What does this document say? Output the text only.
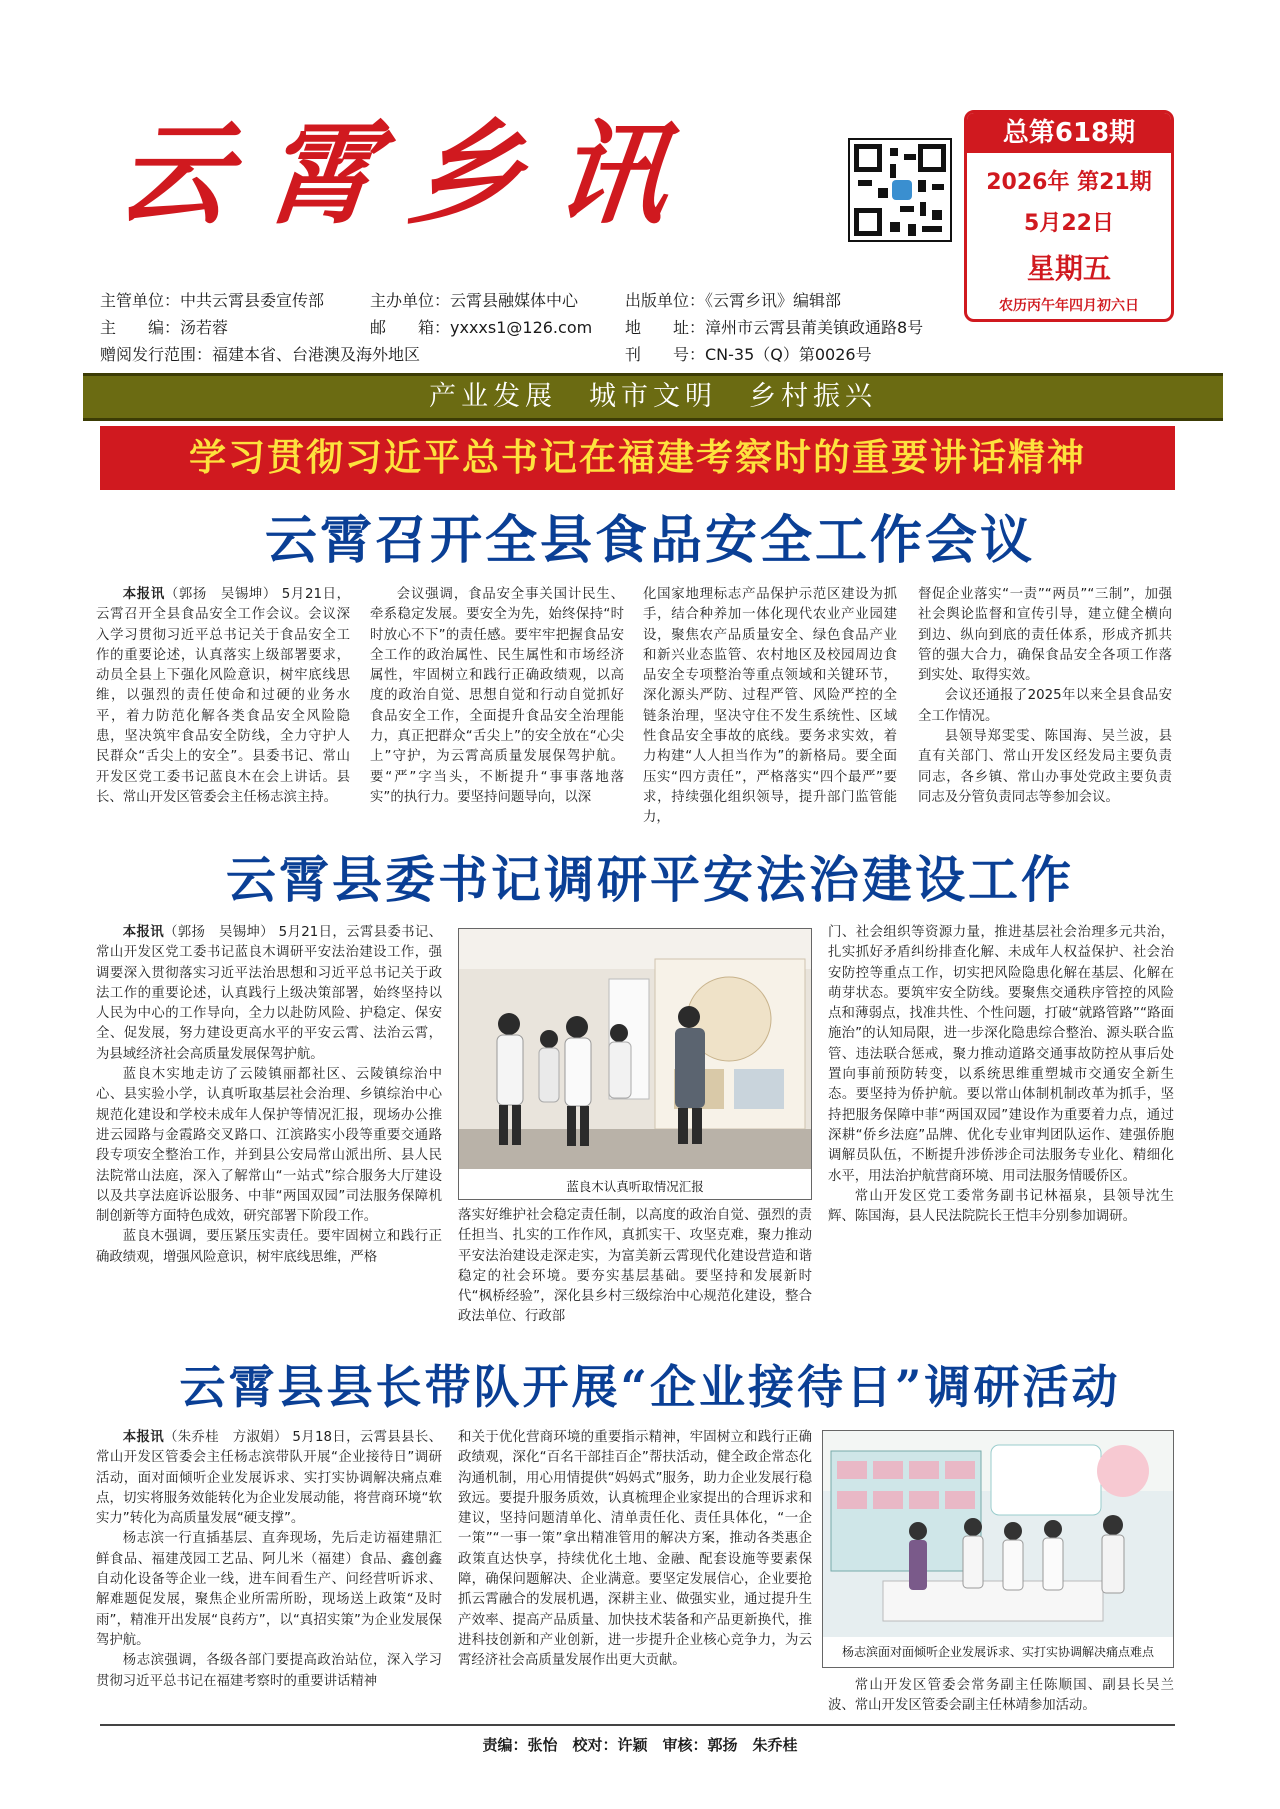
云霄乡讯	总第618期
2026年 第21期
5月22日
星期五
农历丙午年四月初六日
主管单位：中共云霄县委宣传部	主办单位：云霄县融媒体中心	出版单位：《云霄乡讯》编辑部
主　　编：汤若蓉	邮　　箱：yxxxs1@126.com 地　　址：漳州市云霄县莆美镇政通路8号
赠阅发行范围：福建本省、台港澳及海外地区	刊　　号：CN-35（Q）第0026号
产业发展　城市文明　乡村振兴
学习贯彻习近平总书记在福建考察时的重要讲话精神
云霄召开全县食品安全工作会议

本报讯（郭扬　吴锡坤） 5月21日，云霄召开全县食品安全工作会议。会议深入学习贯彻习近平总书记关于食品安全工作的重要论述，认真落实上级部署要求，动员全县上下强化风险意识，树牢底线思维，以强烈的责任使命和过硬的业务水平，着力防范化解各类食品安全风险隐患，坚决筑牢食品安全防线，全力守护人民群众“舌尖上的安全”。县委书记、常山开发区党工委书记蓝良木在会上讲话。县长、常山开发区管委会主任杨志滨主持。

会议强调，食品安全事关国计民生、牵系稳定发展。要安全为先，始终保持“时时放心不下”的责任感。要牢牢把握食品安全工作的政治属性、民生属性和市场经济属性，牢固树立和践行正确政绩观，以高度的政治自觉、思想自觉和行动自觉抓好食品安全工作，全面提升食品安全治理能力，真正把群众“舌尖上”的安全放在“心尖上”守护，为云霄高质量发展保驾护航。要“严”字当头，不断提升“事事落地落实”的执行力。要坚持问题导向，以深

化国家地理标志产品保护示范区建设为抓手，结合种养加一体化现代农业产业园建设，聚焦农产品质量安全、绿色食品产业和新兴业态监管、农村地区及校园周边食品安全专项整治等重点领域和关键环节，深化源头严防、过程严管、风险严控的全链条治理，坚决守住不发生系统性、区域性食品安全事故的底线。要务求实效，着力构建“人人担当作为”的新格局。要全面压实“四方责任”，严格落实“四个最严”要求，持续强化组织领导，提升部门监管能力，

督促企业落实“一责”“两员”“三制”，加强社会舆论监督和宣传引导，建立健全横向到边、纵向到底的责任体系，形成齐抓共管的强大合力，确保食品安全各项工作落到实处、取得实效。

会议还通报了2025年以来全县食品安全工作情况。

县领导郑雯雯、陈国海、吴兰波，县直有关部门、常山开发区经发局主要负责同志，各乡镇、常山办事处党政主要负责同志及分管负责同志等参加会议。

云霄县委书记调研平安法治建设工作

本报讯（郭扬　吴锡坤） 5月21日，云霄县委书记、常山开发区党工委书记蓝良木调研平安法治建设工作，强调要深入贯彻落实习近平法治思想和习近平总书记关于政法工作的重要论述，认真践行上级决策部署，始终坚持以人民为中心的工作导向，全力以赴防风险、护稳定、保安全、促发展，努力建设更高水平的平安云霄、法治云霄，为县域经济社会高质量发展保驾护航。

蓝良木实地走访了云陵镇丽都社区、云陵镇综治中心、县实验小学，认真听取基层社会治理、乡镇综治中心规范化建设和学校未成年人保护等情况汇报，现场办公推进云园路与金霞路交叉路口、江滨路实小段等重要交通路段专项安全整治工作，并到县公安局常山派出所、县人民法院常山法庭，深入了解常山“一站式”综合服务大厅建设以及共享法庭诉讼服务、中菲“两国双园”司法服务保障机制创新等方面特色成效，研究部署下阶段工作。

蓝良木强调，要压紧压实责任。要牢固树立和践行正确政绩观，增强风险意识，树牢底线思维，严格

蓝良木认真听取情况汇报

落实好维护社会稳定责任制，以高度的政治自觉、强烈的责任担当、扎实的工作作风，真抓实干、攻坚克难，聚力推动平安法治建设走深走实，为富美新云霄现代化建设营造和谐稳定的社会环境。要夯实基层基础。要坚持和发展新时代“枫桥经验”，深化县乡村三级综治中心规范化建设，整合政法单位、行政部

门、社会组织等资源力量，推进基层社会治理多元共治，扎实抓好矛盾纠纷排查化解、未成年人权益保护、社会治安防控等重点工作，切实把风险隐患化解在基层、化解在萌芽状态。要筑牢安全防线。要聚焦交通秩序管控的风险点和薄弱点，找准共性、个性问题，打破“就路管路”“路面施治”的认知局限，进一步深化隐患综合整治、源头联合监管、违法联合惩戒，聚力推动道路交通事故防控从事后处置向事前预防转变，以系统思维重塑城市交通安全新生态。要坚持为侨护航。要以常山体制机制改革为抓手，坚持把服务保障中菲“两国双园”建设作为重要着力点，通过深耕“侨乡法庭”品牌、优化专业审判团队运作、建强侨胞调解员队伍，不断提升涉侨涉企司法服务专业化、精细化水平，用法治护航营商环境、用司法服务情暖侨区。

常山开发区党工委常务副书记林福泉，县领导沈生辉、陈国海，县人民法院院长王恺丰分别参加调研。

云霄县县长带队开展“企业接待日”调研活动

本报讯（朱乔桂　方淑娟） 5月18日，云霄县县长、常山开发区管委会主任杨志滨带队开展“企业接待日”调研活动，面对面倾听企业发展诉求、实打实协调解决痛点难点，切实将服务效能转化为企业发展动能，将营商环境“软实力”转化为高质量发展“硬支撑”。

杨志滨一行直插基层、直奔现场，先后走访福建鼎汇鲜食品、福建茂园工艺品、阿儿米（福建）食品、鑫创鑫自动化设备等企业一线，进车间看生产、问经营听诉求、解难题促发展，聚焦企业所需所盼，现场送上政策“及时雨”，精准开出发展“良药方”，以“真招实策”为企业发展保驾护航。

杨志滨强调，各级各部门要提高政治站位，深入学习贯彻习近平总书记在福建考察时的重要讲话精神

和关于优化营商环境的重要指示精神，牢固树立和践行正确政绩观，深化“百名干部挂百企”帮扶活动，健全政企常态化沟通机制，用心用情提供“妈妈式”服务，助力企业发展行稳致远。要提升服务质效，认真梳理企业家提出的合理诉求和建议，坚持问题清单化、清单责任化、责任具体化，“一企一策”“一事一策”拿出精准管用的解决方案，推动各类惠企政策直达快享，持续优化土地、金融、配套设施等要素保障，确保问题解决、企业满意。要坚定发展信心，企业要抢抓云霄融合的发展机遇，深耕主业、做强实业，通过提升生产效率、提高产品质量、加快技术装备和产品更新换代，推进科技创新和产业创新，进一步提升企业核心竞争力，为云霄经济社会高质量发展作出更大贡献。

杨志滨面对面倾听企业发展诉求、实打实协调解决痛点难点

常山开发区管委会常务副主任陈顺国、副县长吴兰波、常山开发区管委会副主任林靖参加活动。

责编：张怡　校对：许颖　审核：郭扬　朱乔桂
